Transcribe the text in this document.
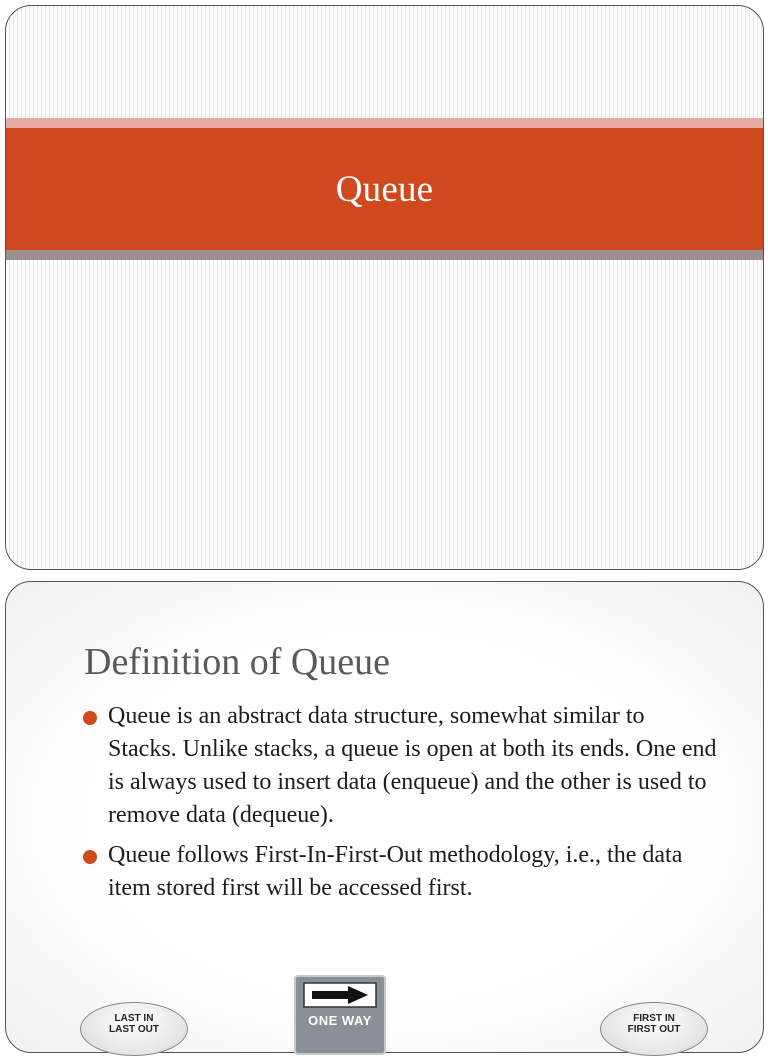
Queue
Definition of Queue
Queue is an abstract data structure, somewhat similar to Stacks. Unlike stacks, a queue is open at both its ends. One end is always used to insert data (enqueue) and the other is used to remove data (dequeue).
Queue follows First-In-First-Out methodology, i.e., the data item stored first will be accessed first.
LAST IN
LAST OUT
ONE WAY	FIRST IN
FIRST OUT
